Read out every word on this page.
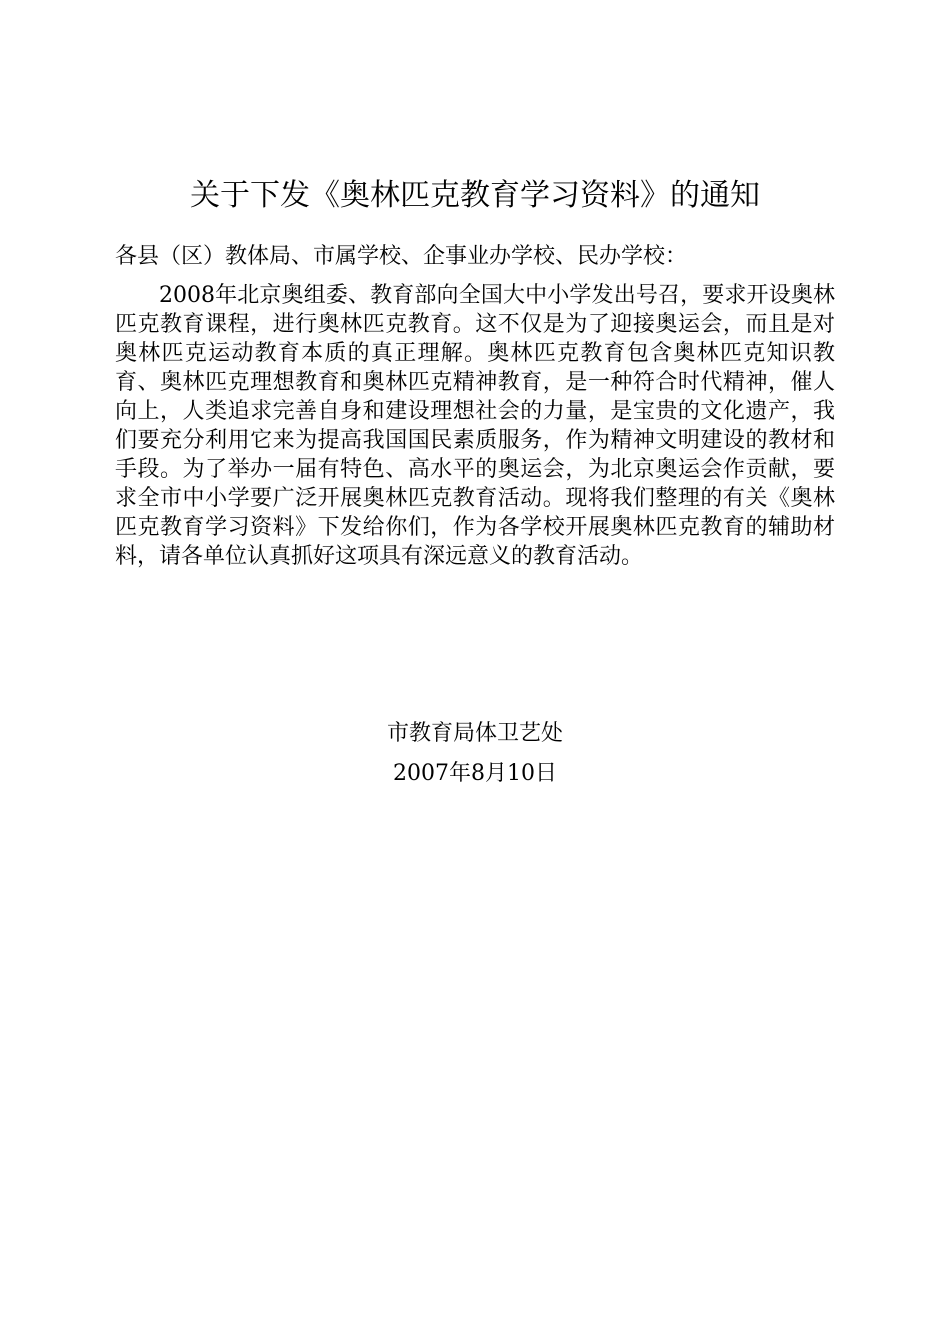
关于下发《奥林匹克教育学习资料》的通知
各县（区）教体局、市属学校、企事业办学校、民办学校：
2008年北京奥组委、教育部向全国大中小学发出号召，要求开设奥林匹克教育课程，进行奥林匹克教育。这不仅是为了迎接奥运会，而且是对奥林匹克运动教育本质的真正理解。奥林匹克教育包含奥林匹克知识教育、奥林匹克理想教育和奥林匹克精神教育，是一种符合时代精神，催人向上，人类追求完善自身和建设理想社会的力量，是宝贵的文化遗产，我们要充分利用它来为提高我国国民素质服务，作为精神文明建设的教材和手段。为了举办一届有特色、高水平的奥运会，为北京奥运会作贡献，要求全市中小学要广泛开展奥林匹克教育活动。现将我们整理的有关《奥林匹克教育学习资料》下发给你们，作为各学校开展奥林匹克教育的辅助材料，请各单位认真抓好这项具有深远意义的教育活动。
市教育局体卫艺处
2007年8月10日
